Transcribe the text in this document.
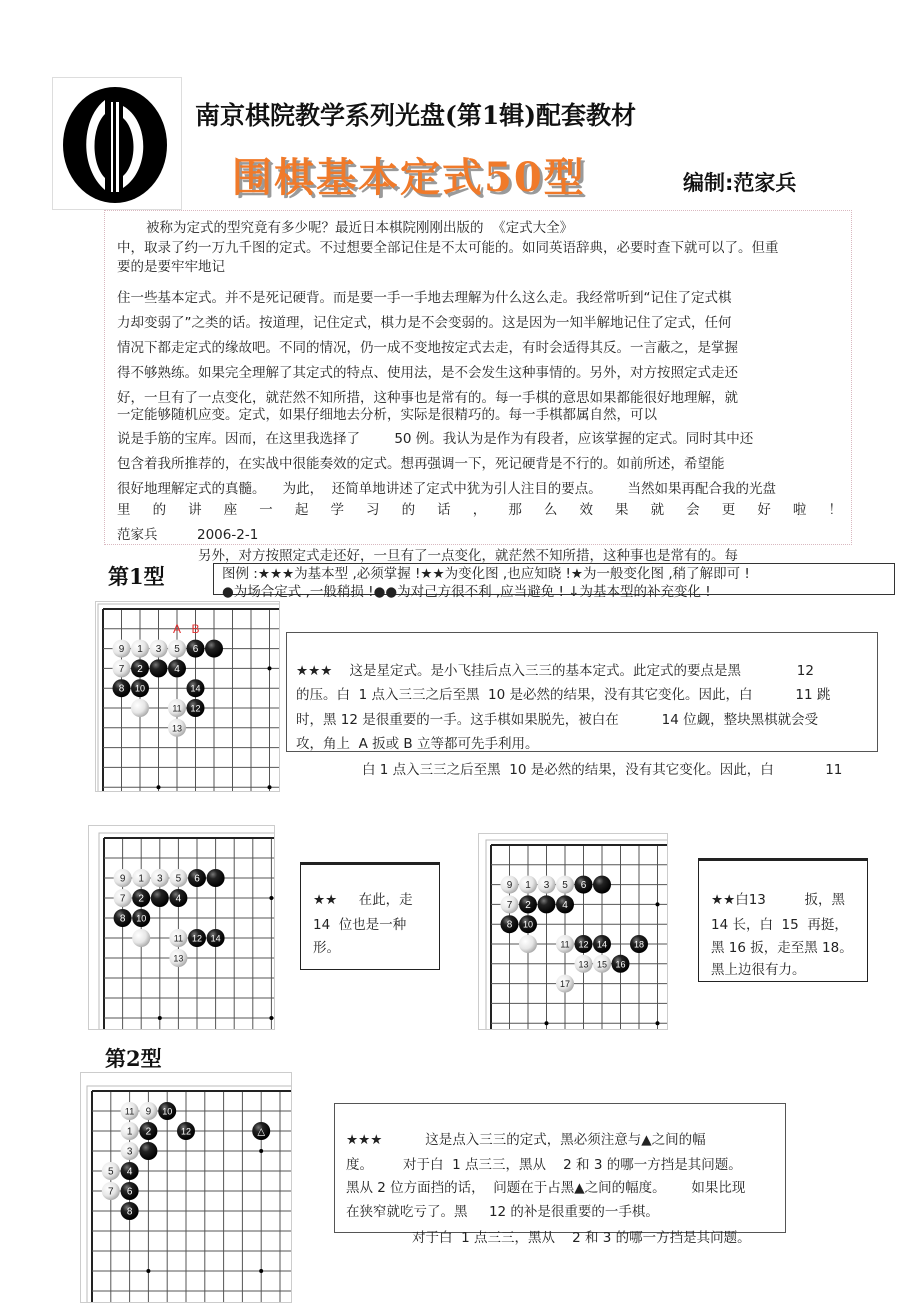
南京棋院教学系列光盘(第1辑)配套教材
围棋基本定式50型	编制:范家兵
被称为定式的型究竟有多少呢？最近日本棋院刚刚出版的  《定式大全》
中，取录了约一万九千图的定式。不过想要全部记住是不太可能的。如同英语辞典，必要时查下就可以了。但重
要的是要牢牢地记
住一些基本定式。并不是死记硬背。而是要一手一手地去理解为什么这么走。我经常听到“记住了定式棋
力却变弱了”之类的话。按道理，记住定式，棋力是不会变弱的。这是因为一知半解地记住了定式，任何
情况下都走定式的缘故吧。不同的情况，仍一成不变地按定式去走，有时会适得其反。一言蔽之，是掌握
得不够熟练。如果完全理解了其定式的特点、使用法，是不会发生这种事情的。另外，对方按照定式走还
好，一旦有了一点变化，就茫然不知所措，这种事也是常有的。每一手棋的意思如果都能很好地理解，就
一定能够随机应变。定式，如果仔细地去分析，实际是很精巧的。每一手棋都属自然，可以
说是手筋的宝库。因而，在这里我选择了        50 例。我认为是作为有段者，应该掌握的定式。同时其中还
包含着我所推荐的，在实战中很能奏效的定式。想再强调一下，死记硬背是不行的。如前所述，希望能
很好地理解定式的真髓。    为此，  还简单地讲述了定式中犹为引人注目的要点。      当然如果再配合我的光盘
里 的 讲 座 一 起 学 习 的 话 ， 那 么 效 果 就 会 更 好 啦 ！
范家兵	2006-2-1
第1型
另外，对方按照定式走还好，一旦有了一点变化，就茫然不知所措，这种事也是常有的。每
图例 :★★★为基本型 ,必须掌握 !★★为变化图 ,也应知晓 !★为一般变化图 ,稍了解即可 !
●为场合定式 ,一般稍损 !●●为对己方很不利 ,应当避免 ! ↓为基本型的补充变化 !
A B
9 1 3 5 6
7 2	4
8 10	14
11 12
13
★★★    这是星定式。是小飞挂后点入三三的基本定式。此定式的要点是黑             12
的压。白  1 点入三三之后至黑  10 是必然的结果，没有其它变化。因此，白          11 跳
时，黑 12 是很重要的一手。这手棋如果脱先，被白在          14 位觑，整块黑棋就会受
攻，角上  A 扳或 B 立等都可先手利用。
白 1 点入三三之后至黑  10 是必然的结果，没有其它变化。因此，白            11
9 1 3 5 6
7 2	4
8 10
11 12 14
13
★★     在此，走
14  位也是一种
形。
9 1 3 5 6
7 2	4
8 10
11 12 14	18
13 15 16
17
★★白13         扳，黑
14 长，白  15  再挺，
黑 16 扳，走至黑 18。
黑上边很有力。
第2型
11 9 10
1 2	12	△
3
5 4
7 6
8
★★★          这是点入三三的定式，黑必须注意与▲之间的幅
度。       对于白  1 点三三，黑从    2 和 3 的哪一方挡是其问题。
黑从 2 位方面挡的话，  问题在于占黑▲之间的幅度。      如果比现
在狭窄就吃亏了。黑     12 的补是很重要的一手棋。
对于白  1 点三三，黑从    2 和 3 的哪一方挡是其问题。
